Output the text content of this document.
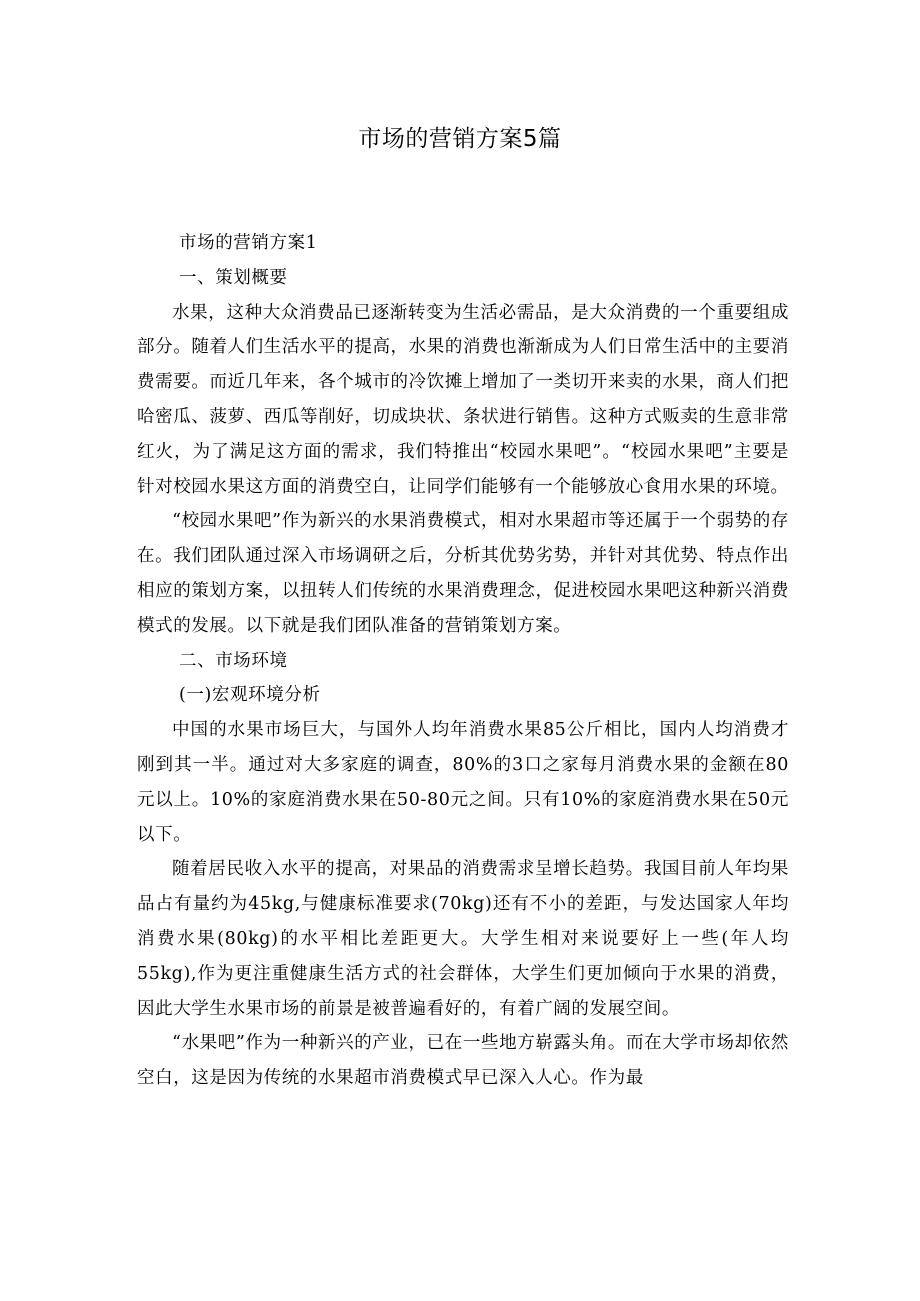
市场的营销方案5篇

市场的营销方案1

一、策划概要

水果，这种大众消费品已逐渐转变为生活必需品，是大众消费的一个重要组成部分。随着人们生活水平的提高，水果的消费也渐渐成为人们日常生活中的主要消费需要。而近几年来，各个城市的冷饮摊上增加了一类切开来卖的水果，商人们把哈密瓜、菠萝、西瓜等削好，切成块状、条状进行销售。这种方式贩卖的生意非常红火，为了满足这方面的需求，我们特推出“校园水果吧”。“校园水果吧”主要是针对校园水果这方面的消费空白，让同学们能够有一个能够放心食用水果的环境。

“校园水果吧”作为新兴的水果消费模式，相对水果超市等还属于一个弱势的存在。我们团队通过深入市场调研之后，分析其优势劣势，并针对其优势、特点作出相应的策划方案，以扭转人们传统的水果消费理念，促进校园水果吧这种新兴消费模式的发展。以下就是我们团队准备的营销策划方案。

二、市场环境

(一)宏观环境分析

中国的水果市场巨大，与国外人均年消费水果85公斤相比，国内人均消费才刚到其一半。通过对大多家庭的调查，80%的3口之家每月消费水果的金额在80元以上。10%的家庭消费水果在50-80元之间。只有10%的家庭消费水果在50元以下。

随着居民收入水平的提高，对果品的消费需求呈增长趋势。我国目前人年均果品占有量约为45kg,与健康标准要求(70kg)还有不小的差距，与发达国家人年均消费水果(80kg)的水平相比差距更大。大学生相对来说要好上一些(年人均55kg),作为更注重健康生活方式的社会群体，大学生们更加倾向于水果的消费，因此大学生水果市场的前景是被普遍看好的，有着广阔的发展空间。

“水果吧”作为一种新兴的产业，已在一些地方崭露头角。而在大学市场却依然空白，这是因为传统的水果超市消费模式早已深入人心。作为最
